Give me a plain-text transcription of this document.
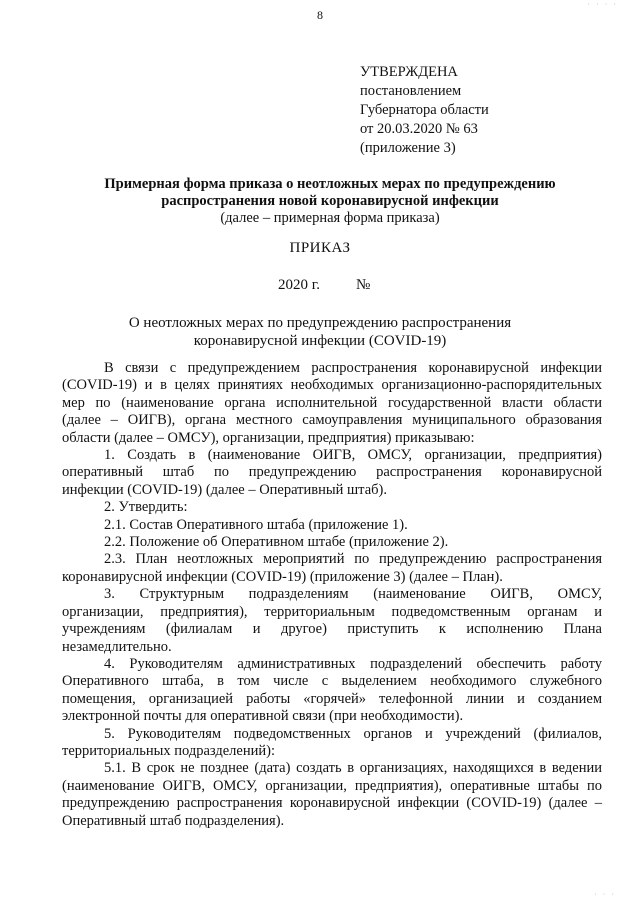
· · · ·
8
УТВЕРЖДЕНА
постановлением
Губернатора области
от 20.03.2020 № 63
(приложение 3)
Примерная форма приказа о неотложных мерах по предупреждению
распространения новой коронавирусной инфекции
(далее – примерная форма приказа)
ПРИКАЗ
2020 г. №
О неотложных мерах по предупреждению распространения
коронавирусной инфекции (COVID-19)

В связи с предупреждением распространения коронавирусной инфекции

(COVID-19) и в целях принятиях необходимых организационно-распорядительных

мер по (наименование органа исполнительной государственной власти области

(далее – ОИГВ), органа местного самоуправления муниципального образования

области (далее – ОМСУ), организации, предприятия) приказываю:

1. Создать в (наименование ОИГВ, ОМСУ, организации, предприятия)

оперативный штаб по предупреждению распространения коронавирусной

инфекции (COVID-19) (далее – Оперативный штаб).

2. Утвердить:

2.1. Состав Оперативного штаба (приложение 1).

2.2. Положение об Оперативном штабе (приложение 2).

2.3. План неотложных мероприятий по предупреждению распространения

коронавирусной инфекции (COVID-19) (приложение 3) (далее – План).

3. Структурным подразделениям (наименование ОИГВ, ОМСУ,

организации, предприятия), территориальным подведомственным органам и

учреждениям (филиалам и другое) приступить к исполнению Плана

незамедлительно.

4. Руководителям административных подразделений обеспечить работу

Оперативного штаба, в том числе с выделением необходимого служебного

помещения, организацией работы «горячей» телефонной линии и созданием

электронной почты для оперативной связи (при необходимости).

5. Руководителям подведомственных органов и учреждений (филиалов,

территориальных подразделений):

5.1. В срок не позднее (дата) создать в организациях, находящихся в ведении

(наименование ОИГВ, ОМСУ, организации, предприятия), оперативные штабы по

предупреждению распространения коронавирусной инфекции (COVID-19) (далее –

Оперативный штаб подразделения).

· · ·
